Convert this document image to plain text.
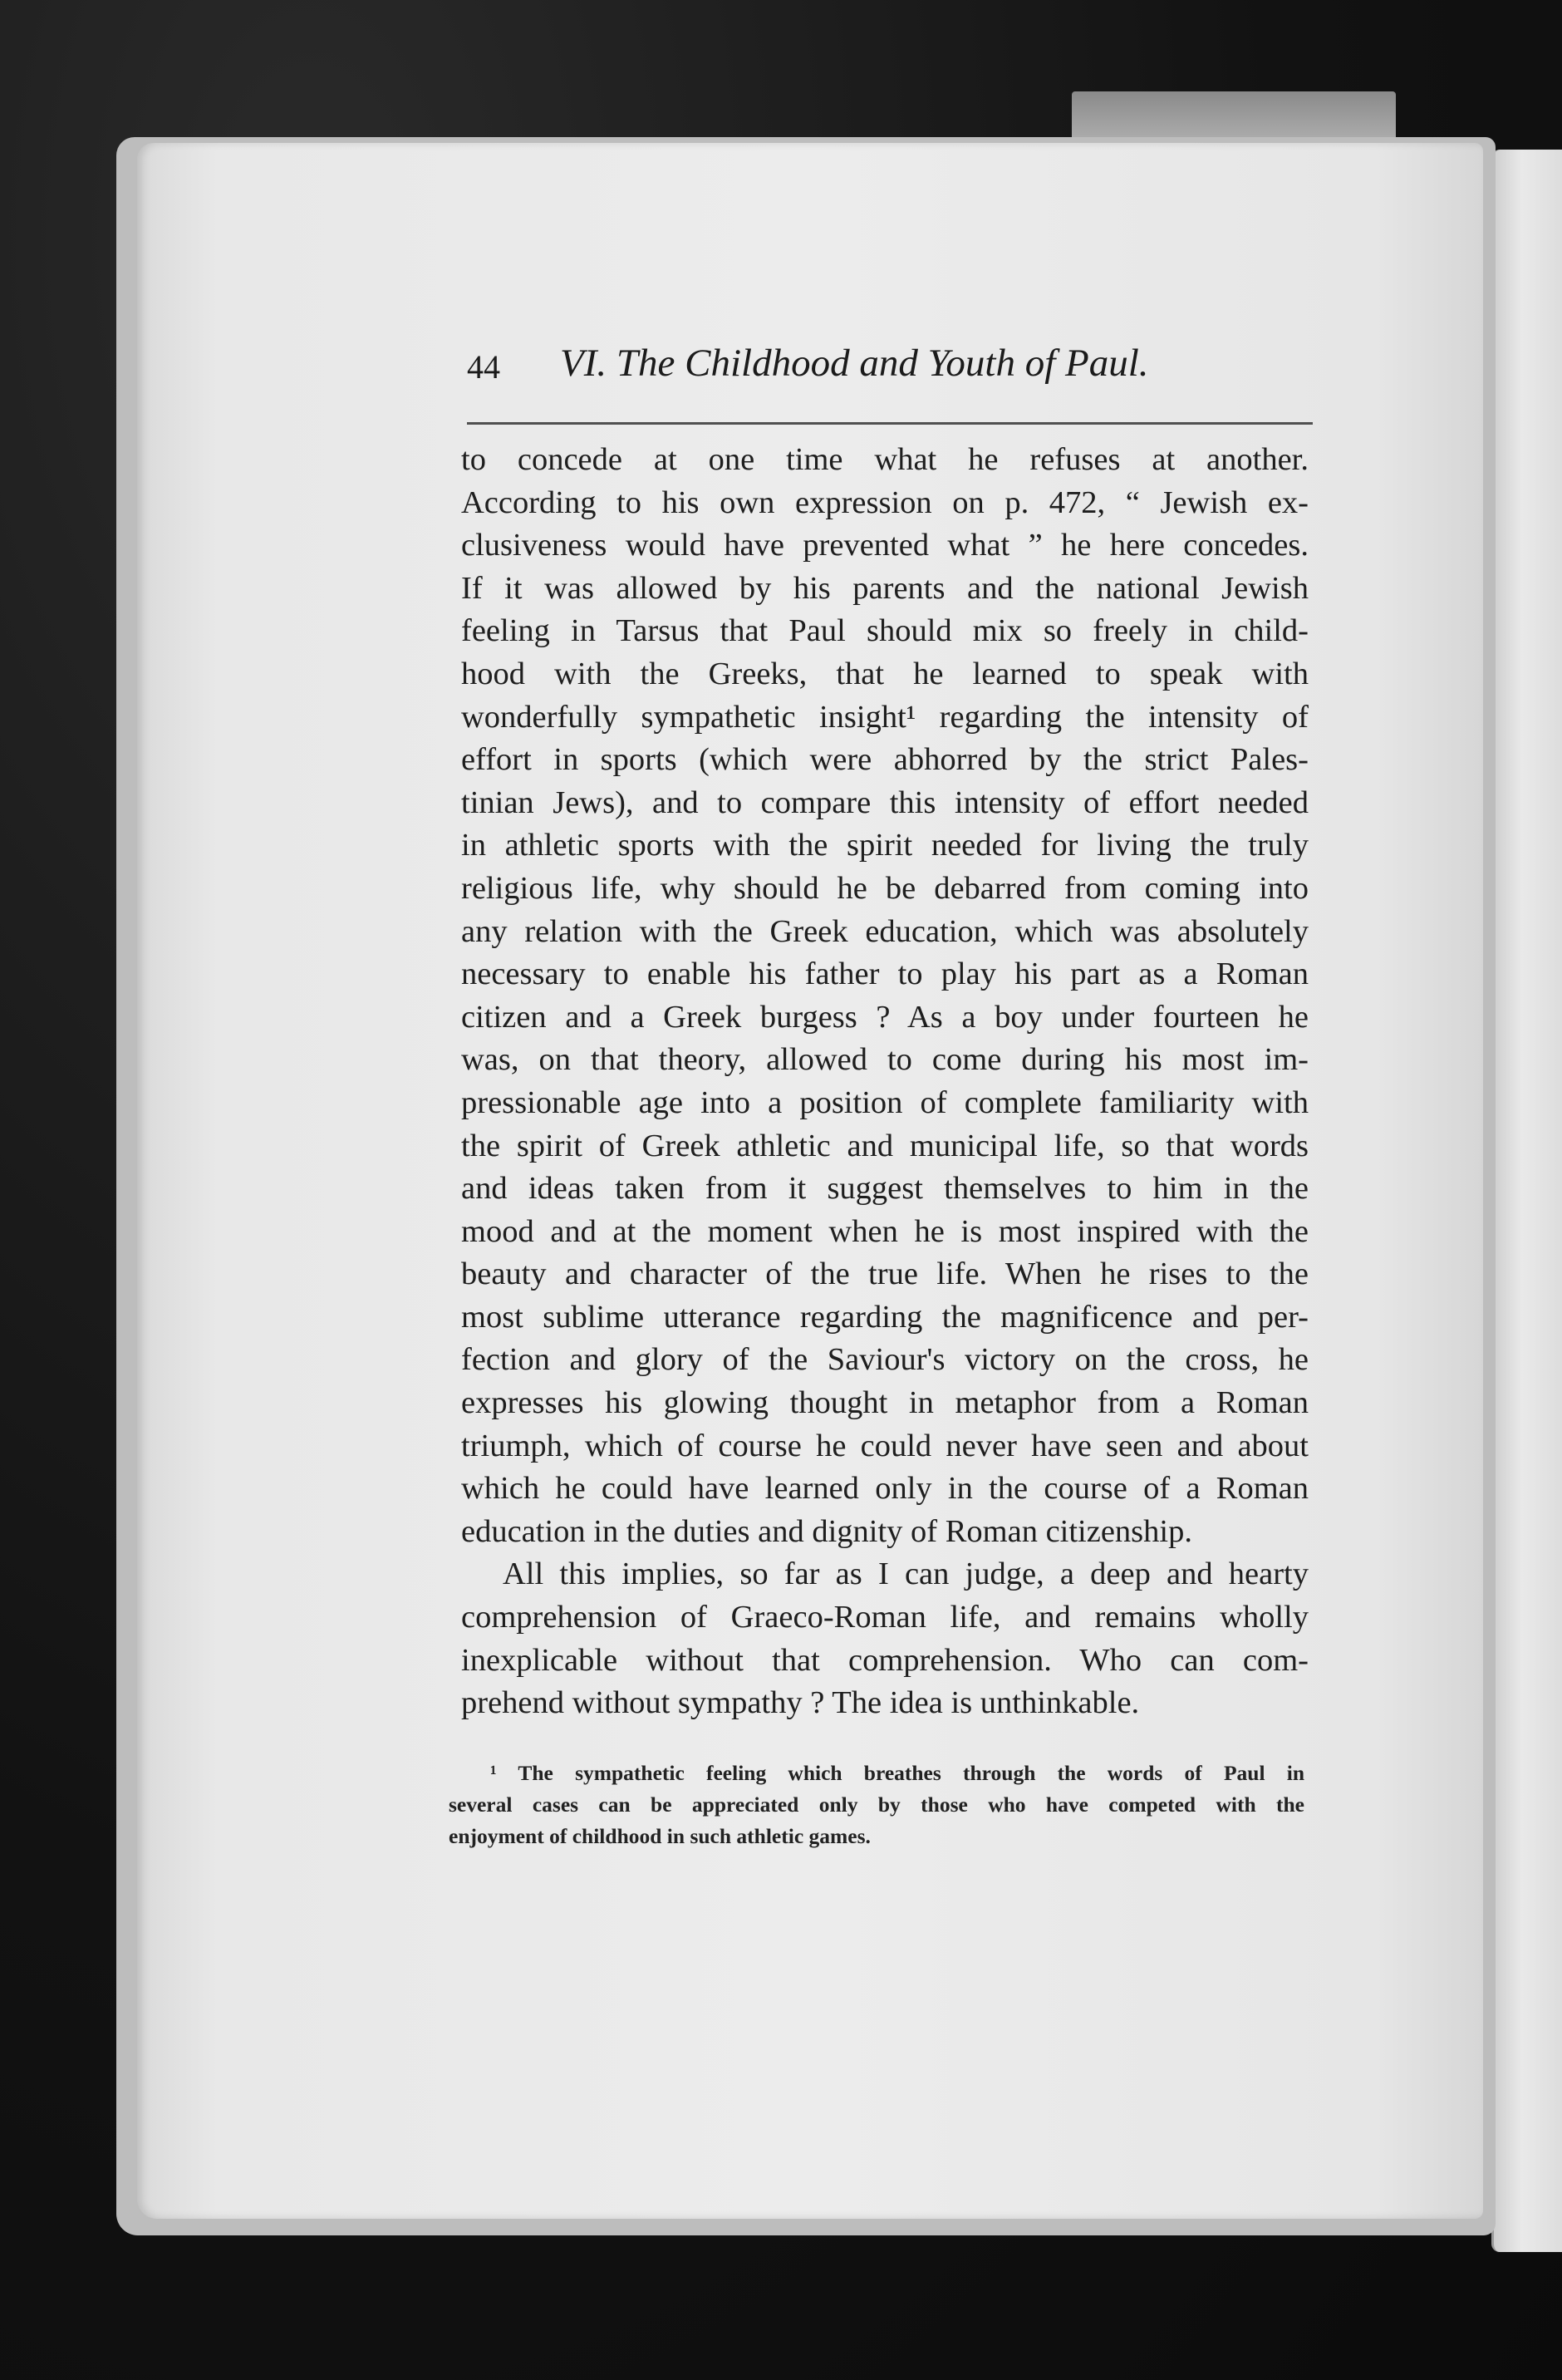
44 VI. The Childhood and Youth of Paul.
to concede at one time what he refuses at another.
According to his own expression on p. 472, “ Jewish ex-
clusiveness would have prevented what ” he here concedes.
If it was allowed by his parents and the national Jewish
feeling in Tarsus that Paul should mix so freely in child-
hood with the Greeks, that he learned to speak with
wonderfully sympathetic insight¹ regarding the intensity of
effort in sports (which were abhorred by the strict Pales-
tinian Jews), and to compare this intensity of effort needed
in athletic sports with the spirit needed for living the truly
religious life, why should he be debarred from coming into
any relation with the Greek education, which was absolutely
necessary to enable his father to play his part as a Roman
citizen and a Greek burgess ? As a boy under fourteen he
was, on that theory, allowed to come during his most im-
pressionable age into a position of complete familiarity with
the spirit of Greek athletic and municipal life, so that words
and ideas taken from it suggest themselves to him in the
mood and at the moment when he is most inspired with the
beauty and character of the true life. When he rises to the
most sublime utterance regarding the magnificence and per-
fection and glory of the Saviour's victory on the cross, he
expresses his glowing thought in metaphor from a Roman
triumph, which of course he could never have seen and about
which he could have learned only in the course of a Roman
education in the duties and dignity of Roman citizenship.
All this implies, so far as I can judge, a deep and hearty
comprehension of Graeco-Roman life, and remains wholly
inexplicable without that comprehension. Who can com-
prehend without sympathy ? The idea is unthinkable.
¹ The sympathetic feeling which breathes through the words of Paul in
several cases can be appreciated only by those who have competed with the
enjoyment of childhood in such athletic games.
